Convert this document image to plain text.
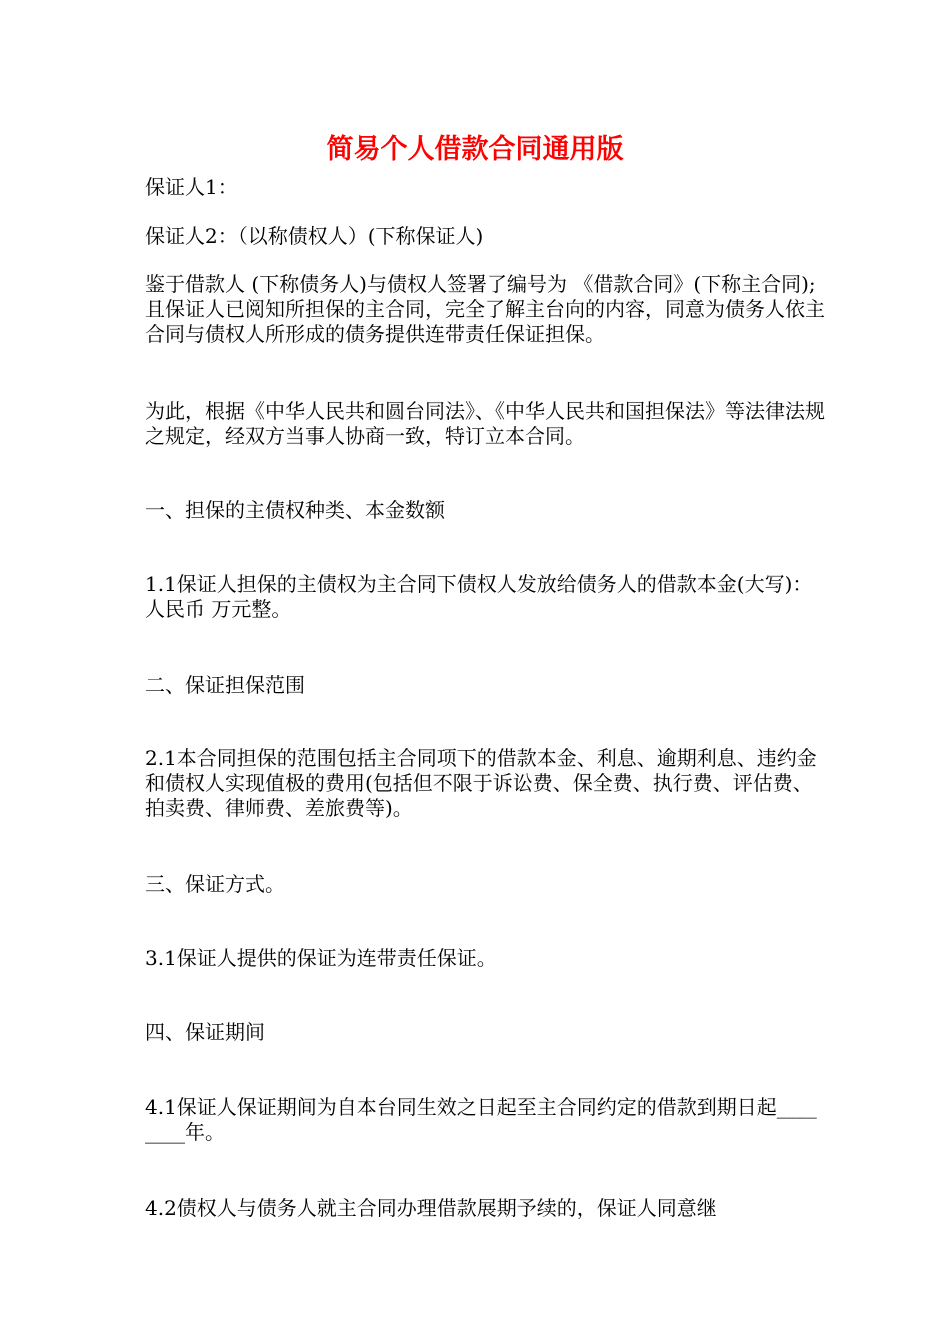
简易个人借款合同通用版

保证人1：

保证人2：（以称债权人）(下称保证人)

鉴于借款人 (下称债务人)与债权人签署了编号为 《借款合同》(下称主合同);且保证人已阅知所担保的主合同，完全了解主台向的内容，同意为债务人依主合同与债权人所形成的债务提供连带责任保证担保。

为此，根据《中华人民共和圆台同法》、《中华人民共和国担保法》等法律法规之规定，经双方当事人协商一致，特订立本合同。

一、担保的主债权种类、本金数额

1.1保证人担保的主债权为主合同下债权人发放给债务人的借款本金(大写)：人民币 万元整。

二、保证担保范围

2.1本合同担保的范围包括主合同项下的借款本金、利息、逾期利息、违约金和债权人实现值极的费用(包括但不限于诉讼费、保全费、执行费、评估费、拍卖费、律师费、差旅费等)。

三、保证方式。

3.1保证人提供的保证为连带责任保证。

四、保证期间

4.1保证人保证期间为自本台同生效之日起至主合同约定的借款到期日起________年。

4.2债权人与债务人就主合同办理借款展期予续的，保证人同意继
